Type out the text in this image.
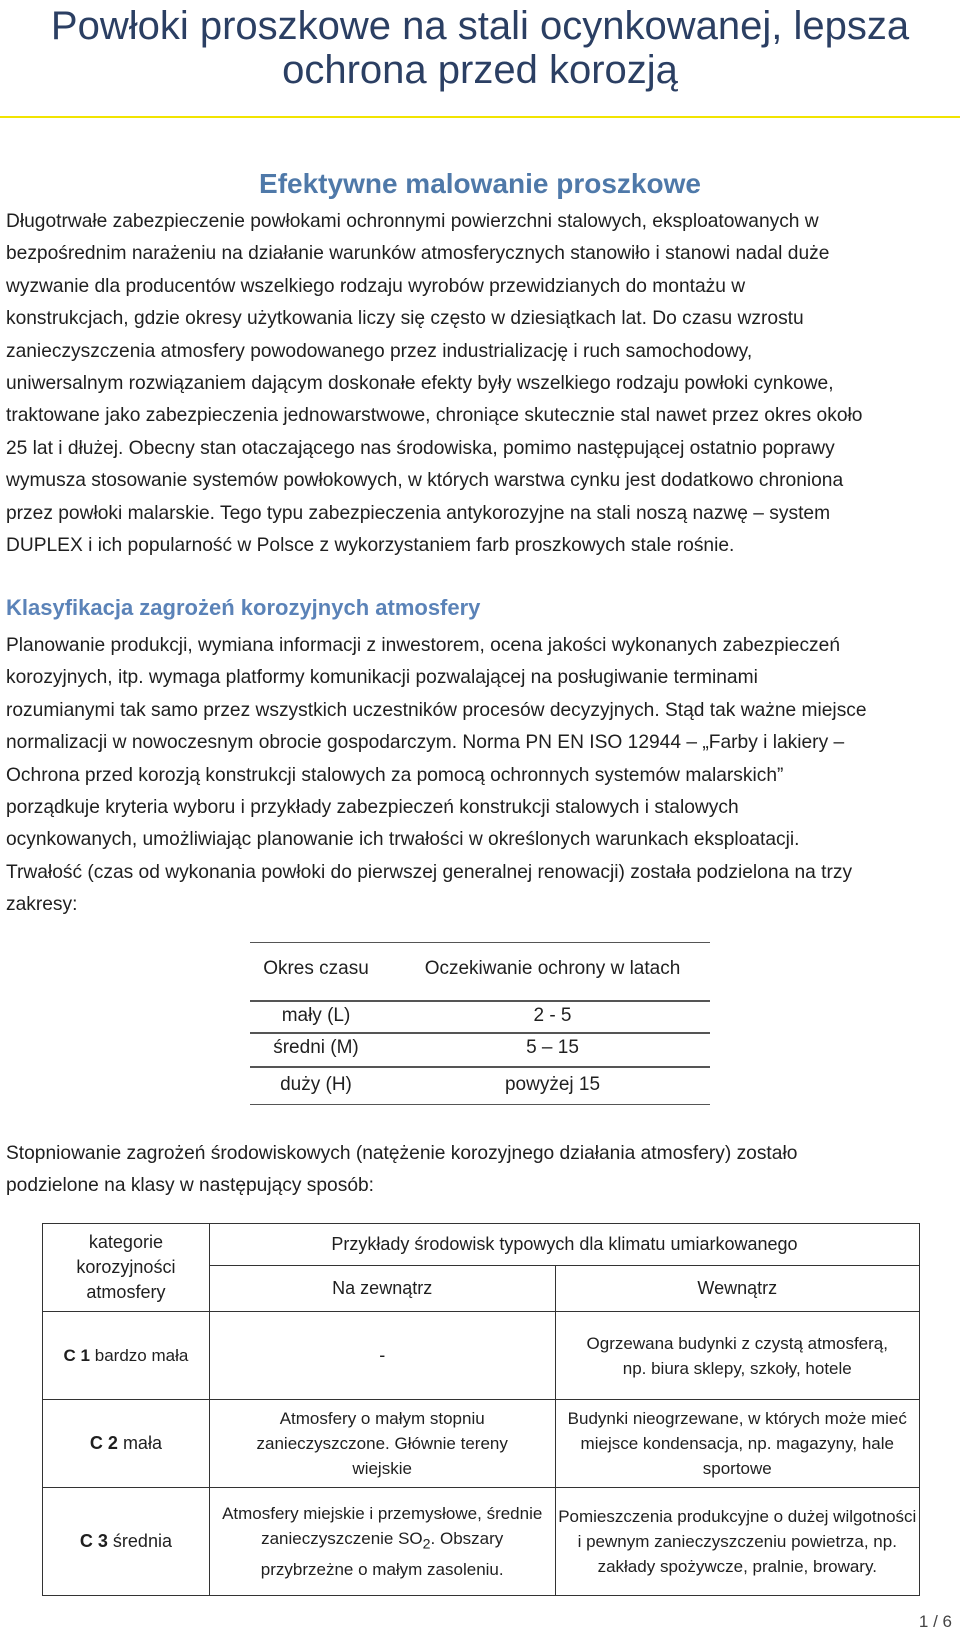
Powłoki proszkowe na stali ocynkowanej, lepsza
ochrona przed korozją
Efektywne malowanie proszkowe
Długotrwałe zabezpieczenie powłokami ochronnymi powierzchni stalowych, eksploatowanych w
bezpośrednim narażeniu na działanie warunków atmosferycznych stanowiło i stanowi nadal duże
wyzwanie dla producentów wszelkiego rodzaju wyrobów przewidzianych do montażu w
konstrukcjach, gdzie okresy użytkowania liczy się często w dziesiątkach lat. Do czasu wzrostu
zanieczyszczenia atmosfery powodowanego przez industrializację i ruch samochodowy,
uniwersalnym rozwiązaniem dającym doskonałe efekty były wszelkiego rodzaju powłoki cynkowe,
traktowane jako zabezpieczenia jednowarstwowe, chroniące skutecznie stal nawet przez okres około
25 lat i dłużej. Obecny stan otaczającego nas środowiska, pomimo następującej ostatnio poprawy
wymusza stosowanie systemów powłokowych, w których warstwa cynku jest dodatkowo chroniona
przez powłoki malarskie. Tego typu zabezpieczenia antykorozyjne na stali noszą nazwę – system
DUPLEX i ich popularność w Polsce z wykorzystaniem farb proszkowych stale rośnie.
Klasyfikacja zagrożeń korozyjnych atmosfery
Planowanie produkcji, wymiana informacji z inwestorem, ocena jakości wykonanych zabezpieczeń
korozyjnych, itp. wymaga platformy komunikacji pozwalającej na posługiwanie terminami
rozumianymi tak samo przez wszystkich uczestników procesów decyzyjnych. Stąd tak ważne miejsce
normalizacji w nowoczesnym obrocie gospodarczym. Norma PN EN ISO 12944 – „Farby i lakiery –
Ochrona przed korozją konstrukcji stalowych za pomocą ochronnych systemów malarskich”
porządkuje kryteria wyboru i przykłady zabezpieczeń konstrukcji stalowych i stalowych
ocynkowanych, umożliwiając planowanie ich trwałości w określonych warunkach eksploatacji.
Trwałość (czas od wykonania powłoki do pierwszej generalnej renowacji) została podzielona na trzy
zakresy:
Okres czasu	Oczekiwanie ochrony w latach
mały (L)	2 - 5
średni (M)	5 – 15
duży (H)	powyżej 15
Stopniowanie zagrożeń środowiskowych (natężenie korozyjnego działania atmosfery) zostało
podzielone na klasy w następujący sposób:
kategorie korozyjności atmosfery	Przykłady środowisk typowych dla klimatu umiarkowanego	
	Na zewnątrz	Wewnątrz
C 1 bardzo mała	-	Ogrzewana budynki z czystą atmosferą, np. biura sklepy, szkoły, hotele
C 2 mała	Atmosfery o małym stopniu zanieczyszczone. Głównie tereny wiejskie	Budynki nieogrzewane, w których może mieć miejsce kondensacja, np. magazyny, hale sportowe
C 3 średnia	Atmosfery miejskie i przemysłowe, średnie zanieczyszczenie $SO_2$. Obszary przybrzeżne o małym zasoleniu.	Pomieszczenia produkcyjne o dużej wilgotności i pewnym zanieczyszczeniu powietrza, np. zakłady spożywcze, pralnie, browary.
1 / 6
